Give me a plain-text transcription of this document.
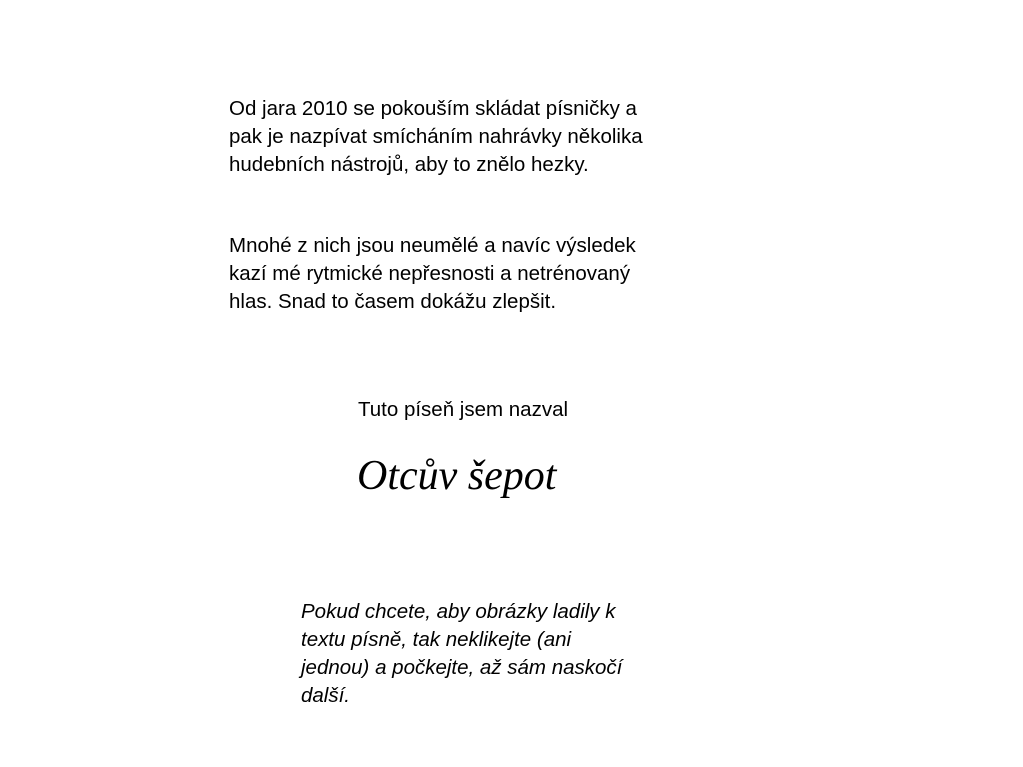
Od jara 2010 se pokouším skládat písničky a
pak je nazpívat smícháním nahrávky několika
hudebních nástrojů, aby to znělo hezky.

Mnohé z nich jsou neumělé a navíc výsledek
kazí mé rytmické nepřesnosti a netrénovaný
hlas. Snad to časem dokážu zlepšit.

Tuto píseň jsem nazval

Otcův šepot

Pokud chcete, aby obrázky ladily k
textu písně, tak neklikejte (ani
jednou) a počkejte, až sám naskočí
další.
